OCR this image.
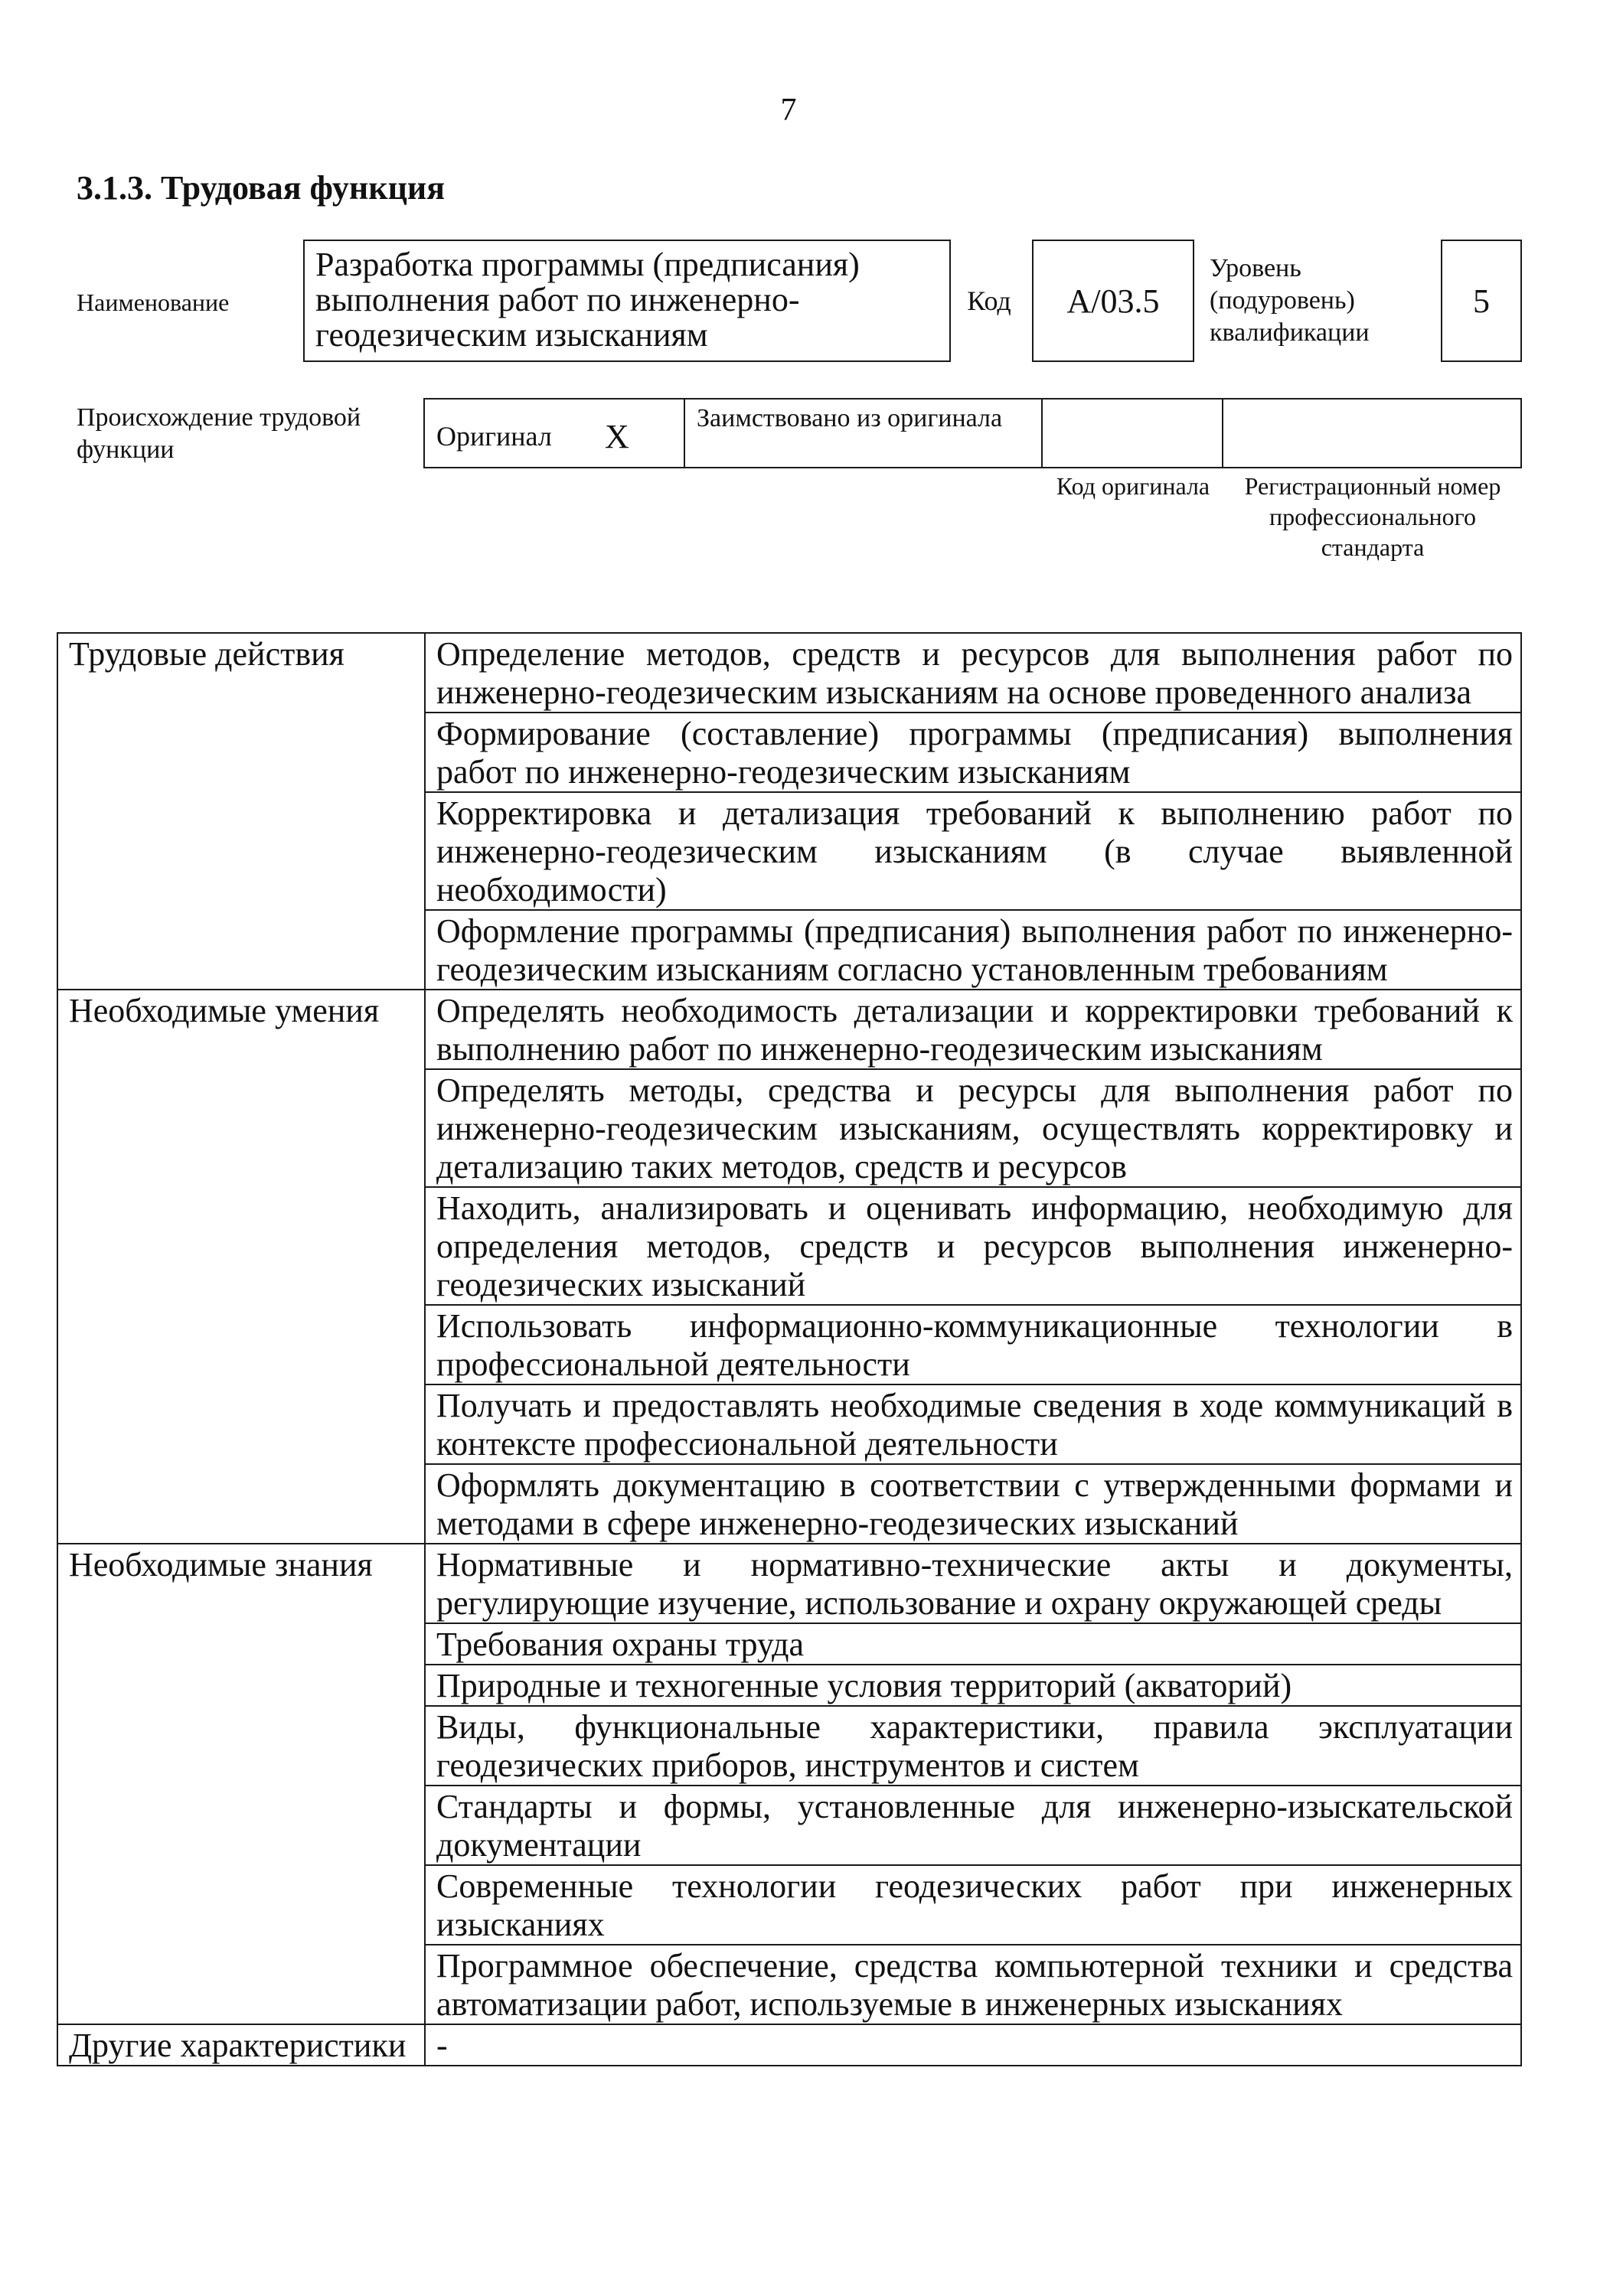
7
3.1.3. Трудовая функция
Наименование
Разработка программы (предписания) выполнения работ по инженерно-геодезическим изысканиям
Код	A/03.5
Уровень (подуровень) квалификации
5
Происхождение трудовой функции	Оригинал X	Заимствовано из оригинала
Код оригинала	Регистрационный номер профессионального стандарта
Трудовые действия	Определение методов, средств и ресурсов для выполнения работ по инженерно-геодезическим изысканиям на основе проведенного анализа
	Формирование (составление) программы (предписания) выполнения работ по инженерно-геодезическим изысканиям
	Корректировка и детализация требований к выполнению работ по инженерно-геодезическим изысканиям (в случае выявленной необходимости)
	Оформление программы (предписания) выполнения работ по инженерно-геодезическим изысканиям согласно установленным требованиям
Необходимые умения	Определять необходимость детализации и корректировки требований к выполнению работ по инженерно-геодезическим изысканиям
	Определять методы, средства и ресурсы для выполнения работ по инженерно-геодезическим изысканиям, осуществлять корректировку и детализацию таких методов, средств и ресурсов
	Находить, анализировать и оценивать информацию, необходимую для определения методов, средств и ресурсов выполнения инженерно-геодезических изысканий
	Использовать информационно-коммуникационные технологии в профессиональной деятельности
	Получать и предоставлять необходимые сведения в ходе коммуникаций в контексте профессиональной деятельности
	Оформлять документацию в соответствии с утвержденными формами и методами в сфере инженерно-геодезических изысканий
Необходимые знания	Нормативные и нормативно-технические акты и документы, регулирующие изучение, использование и охрану окружающей среды
	Требования охраны труда
	Природные и техногенные условия территорий (акваторий)
	Виды, функциональные характеристики, правила эксплуатации геодезических приборов, инструментов и систем
	Стандарты и формы, установленные для инженерно-изыскательской документации
	Современные технологии геодезических работ при инженерных изысканиях
	Программное обеспечение, средства компьютерной техники и средства автоматизации работ, используемые в инженерных изысканиях
Другие характеристики	-
